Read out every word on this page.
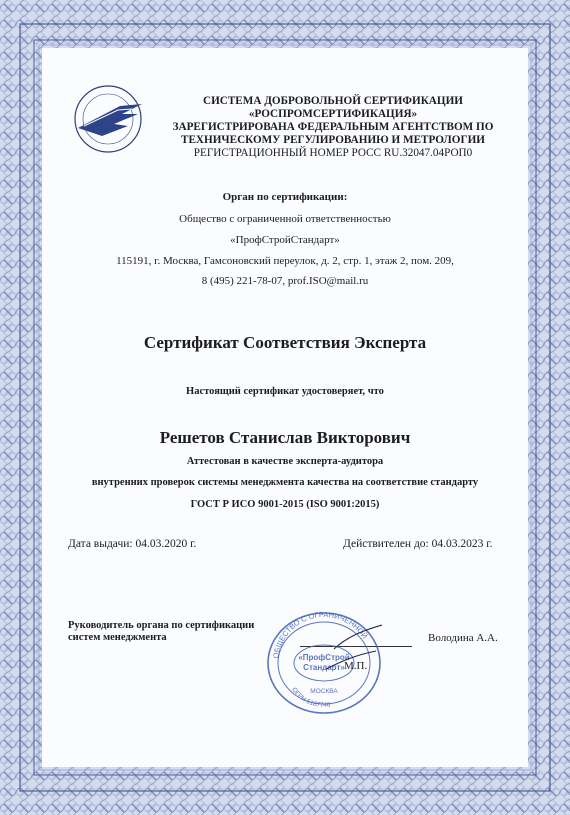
СИСТЕМА ДОБРОВОЛЬНОЙ СЕРТИФИКАЦИИ
«РОСПРОМСЕРТИФИКАЦИЯ»
ЗАРЕГИСТРИРОВАНА ФЕДЕРАЛЬНЫМ АГЕНТСТВОМ ПО
ТЕХНИЧЕСКОМУ РЕГУЛИРОВАНИЮ И МЕТРОЛОГИИ
РЕГИСТРАЦИОННЫЙ НОМЕР РОСС RU.32047.04РОП0
Орган по сертификации:
Общество с ограниченной ответственностью
«ПрофСтройСтандарт»
115191, г. Москва, Гамсоновский переулок, д. 2, стр. 1, этаж 2, пом. 209,
8 (495) 221-78-07, prof.ISO@mail.ru
Сертификат Соответствия Эксперта
Настоящий сертификат удостоверяет, что
Решетов Станислав Викторович
Аттестован в качестве эксперта-аудитора
внутренних проверок системы менеджмента качества на соответствие стандарту
ГОСТ Р ИСО 9001-2015 (ISO 9001:2015)
Дата выдачи: 04.03.2020 г.	Действителен до: 04.03.2023 г.
Руководитель органа по сертификации
систем менеджмента	Володина А.А.
ОБЩЕСТВО С ОГРАНИЧЕННОЙ
ОГРН 5187746
«ПрофСтрой
Стандарт»
МОСКВА
М.П.
